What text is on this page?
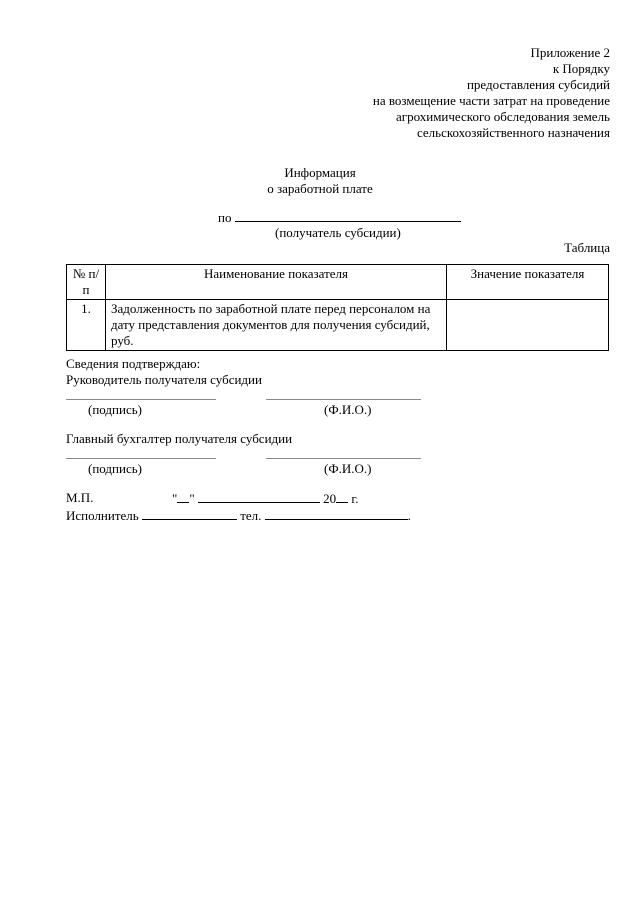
Приложение 2
к Порядку
предоставления субсидий
на возмещение части затрат на проведение
агрохимического обследования земель
сельскохозяйственного назначения
Информация
о заработной плате
по
(получатель субсидии)
Таблица
№ п/п	Наименование показателя	Значение показателя
1.	Задолженность по заработной плате перед персоналом на дату представления документов для получения субсидий, руб.	
Сведения подтверждаю:
Руководитель получателя субсидии
(подпись)	(Ф.И.О.)
Главный бухгалтер получателя субсидии
(подпись)	(Ф.И.О.)
М.П.	" "	20 г.
Исполнитель	тел.	.
